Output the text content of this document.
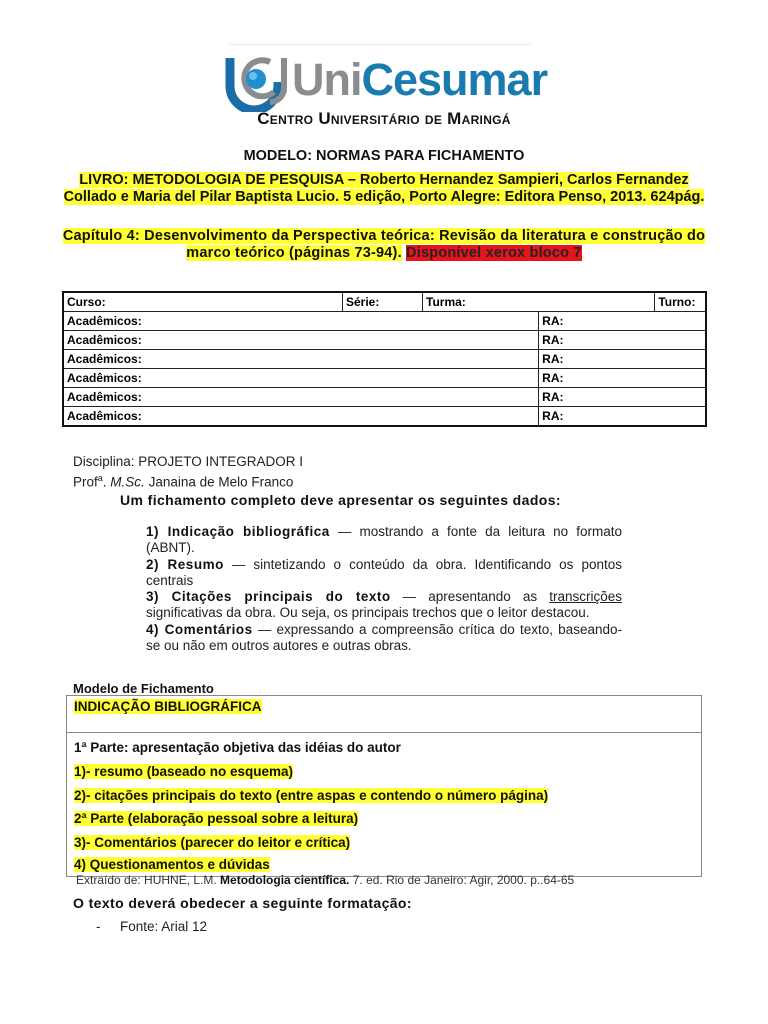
UniCesumar
Centro Universitário de Maringá
MODELO: NORMAS PARA FICHAMENTO
LIVRO: METODOLOGIA DE PESQUISA – Roberto Hernandez Sampieri, Carlos Fernandez Collado e Maria del Pilar Baptista Lucio. 5 edição, Porto Alegre: Editora Penso, 2013. 624pág.
Capítulo 4: Desenvolvimento da Perspectiva teórica: Revisão da literatura e construção do marco teórico (páginas 73-94). Disponível xerox bloco 7
Curso:	Série:	Turma:		Turno:
Acadêmicos:			RA:	
Acadêmicos:			RA:	
Acadêmicos:			RA:	
Acadêmicos:			RA:	
Acadêmicos:			RA:	
Acadêmicos:			RA:	
Disciplina: PROJETO INTEGRADOR I
Prof$^a$. M.Sc. Janaina de Melo Franco
Um fichamento completo deve apresentar os seguintes dados:

1) Indicação bibliográfica — mostrando a fonte da leitura no formato (ABNT).

2) Resumo — sintetizando o conteúdo da obra. Identificando os pontos centrais

3) Citações principais do texto — apresentando as transcrições significativas da obra. Ou seja, os principais trechos que o leitor destacou.

4) Comentários — expressando a compreensão crítica do texto, baseando-se ou não em outros autores e outras obras.

Modelo de Fichamento
INDICAÇÃO BIBLIOGRÁFICA
1ª Parte: apresentação objetiva das idéias do autor
1)- resumo (baseado no esquema)
2)- citações principais do texto (entre aspas e contendo o número página)
2ª Parte (elaboração pessoal sobre a leitura)
3)- Comentários (parecer do leitor e crítica)
4) Questionamentos e dúvidas
Extraído de: HUHNE, L.M. Metodologia científica. 7. ed. Rio de Janeiro: Agir, 2000. p..64-65
O texto deverá obedecer a seguinte formatação:
- Fonte: Arial 12
